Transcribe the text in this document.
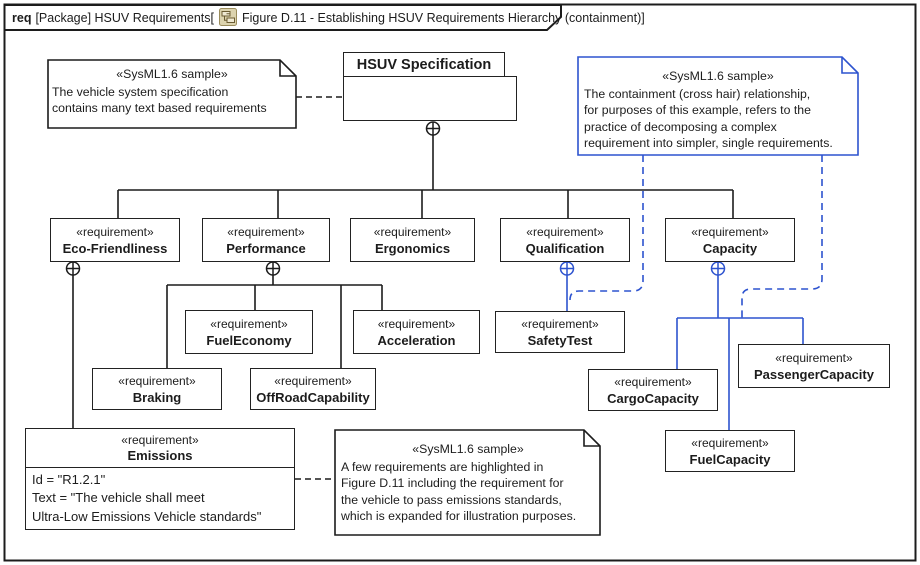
req [Package] HSUV Requirements[ Figure D.11 - Establishing HSUV Requirements Hierarchy (containment)]
HSUV Specification
«requirement»
Eco-Friendliness
«requirement»
Performance
«requirement»
Ergonomics
«requirement»
Qualification
«requirement»
Capacity
«requirement»
FuelEconomy
«requirement»
Acceleration
«requirement»
SafetyTest
«requirement»
Braking
«requirement»
OffRoadCapability
«requirement»
CargoCapacity
«requirement»
PassengerCapacity
«requirement»
FuelCapacity
«requirement»
Emissions
Id = "R1.2.1"
Text = "The vehicle shall meet
Ultra-Low Emissions Vehicle standards"
«SysML1.6 sample»
The vehicle system specification
contains many text based requirements
«SysML1.6 sample»
The containment (cross hair) relationship,
for purposes of this example, refers to the
practice of decomposing a complex
requirement into simpler, single requirements.
«SysML1.6 sample»
A few requirements are highlighted in
Figure D.11 including the requirement for
the vehicle to pass emissions standards,
which is expanded for illustration purposes.
